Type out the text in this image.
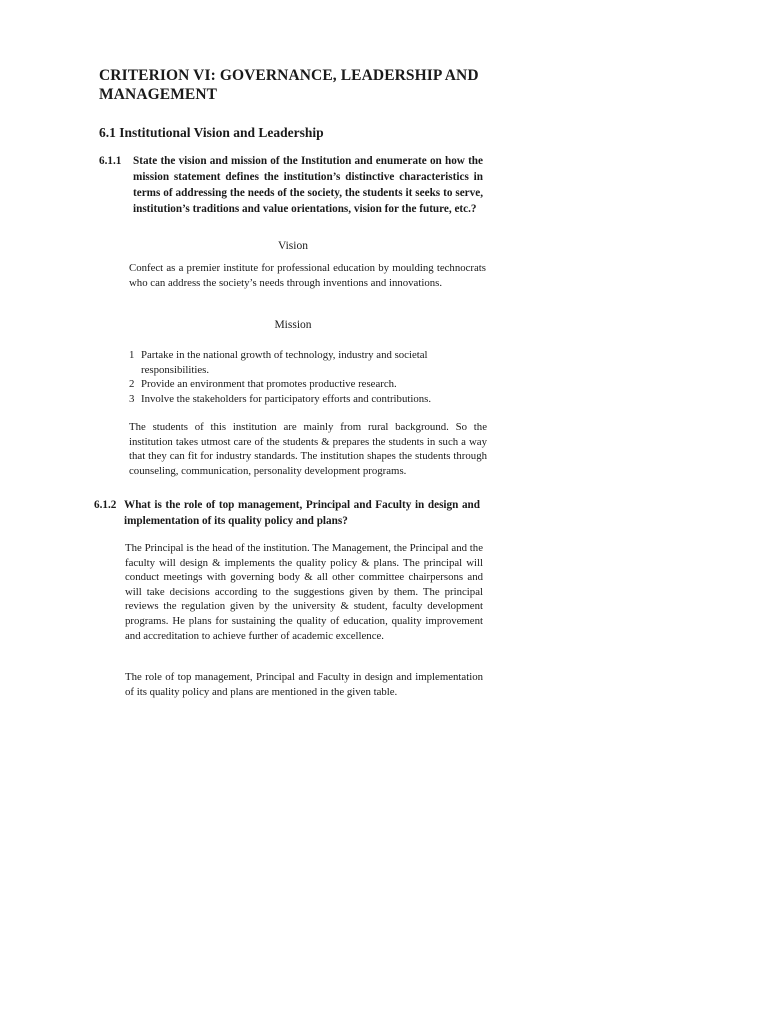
CRITERION VI: GOVERNANCE, LEADERSHIP AND MANAGEMENT
6.1 Institutional Vision and Leadership
6.1.1 State the vision and mission of the Institution and enumerate on how the mission statement defines the institution’s distinctive characteristics in terms of addressing the needs of the society, the students it seeks to serve, institution’s traditions and value orientations, vision for the future, etc.?
Vision

Confect as a premier institute for professional education by moulding technocrats who can address the society’s needs through inventions and innovations.

Mission
1 Partake in the national growth of technology, industry and societal responsibilities.
2 Provide an environment that promotes productive research.
3 Involve the stakeholders for participatory efforts and contributions.

The students of this institution are mainly from rural background. So the institution takes utmost care of the students & prepares the students in such a way that they can fit for industry standards. The institution shapes the students through counseling, communication, personality development programs.

6.1.2 What is the role of top management, Principal and Faculty in design and implementation of its quality policy and plans?

The Principal is the head of the institution. The Management, the Principal and the faculty will design & implements the quality policy & plans. The principal will conduct meetings with governing body & all other committee chairpersons and will take decisions according to the suggestions given by them. The principal reviews the regulation given by the university & student, faculty development programs. He plans for sustaining the quality of education, quality improvement and accreditation to achieve further of academic excellence.

The role of top management, Principal and Faculty in design and implementation of its quality policy and plans are mentioned in the given table.
